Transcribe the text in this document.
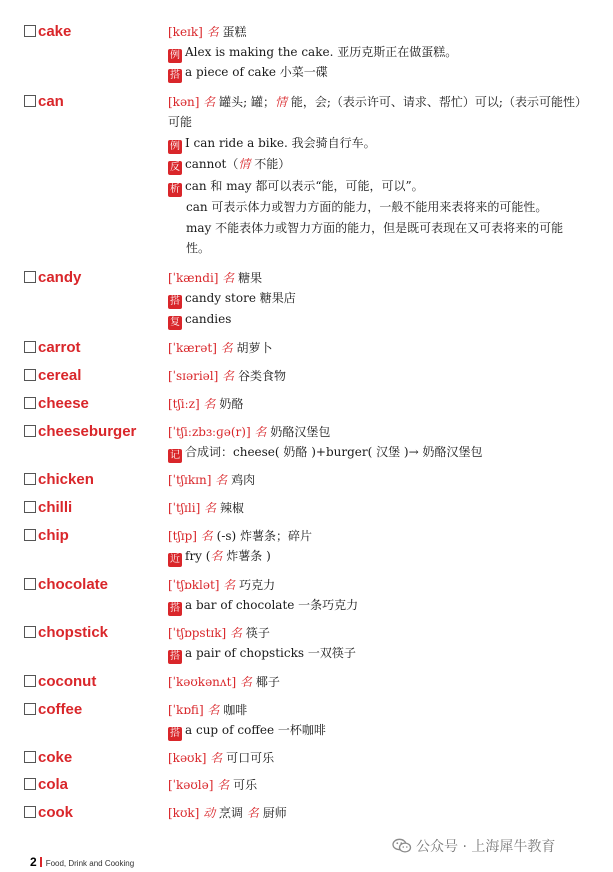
cake	[keɪk] 名 蛋糕
例 Alex is making the cake. 亚历克斯正在做蛋糕。
搭 a piece of cake 小菜一碟
can	[kən] 名 罐头; 罐；情 能，会;（表示许可、请求、帮忙）可以;（表示可能性）可能
例 I can ride a bike. 我会骑自行车。
反 cannot（情 不能）
析 can 和 may 都可以表示“能，可能，可以”。
can 可表示体力或智力方面的能力，一般不能用来表将来的可能性。
may 不能表体力或智力方面的能力，但是既可表现在又可表将来的可能性。
candy	[ˈkændi] 名 糖果
搭 candy store 糖果店
复 candies
carrot	[ˈkærət] 名 胡萝卜
cereal	[ˈsɪəriəl] 名 谷类食物
cheese	[tʃiːz] 名 奶酪
cheeseburger	[ˈtʃiːzbɜːɡə(r)] 名 奶酪汉堡包
记 合成词：cheese( 奶酪 )+burger( 汉堡 )→ 奶酪汉堡包
chicken	[ˈtʃɪkɪn] 名 鸡肉
chilli	[ˈtʃɪli] 名 辣椒
chip	[tʃɪp] 名 (-s) 炸薯条；碎片
近 fry (名 炸薯条 )
chocolate	[ˈtʃɒklət] 名 巧克力
搭 a bar of chocolate 一条巧克力
chopstick	[ˈtʃɒpstɪk] 名 筷子
搭 a pair of chopsticks 一双筷子
coconut	[ˈkəʊkənʌt] 名 椰子
coffee	[ˈkɒfi] 名 咖啡
搭 a cup of coffee 一杯咖啡
coke	[kəʊk] 名 可口可乐
cola	[ˈkəʊlə] 名 可乐
cook	[kʊk] 动 烹调 名 厨师
公众号 · 上海犀牛教育
2 Food, Drink and Cooking
